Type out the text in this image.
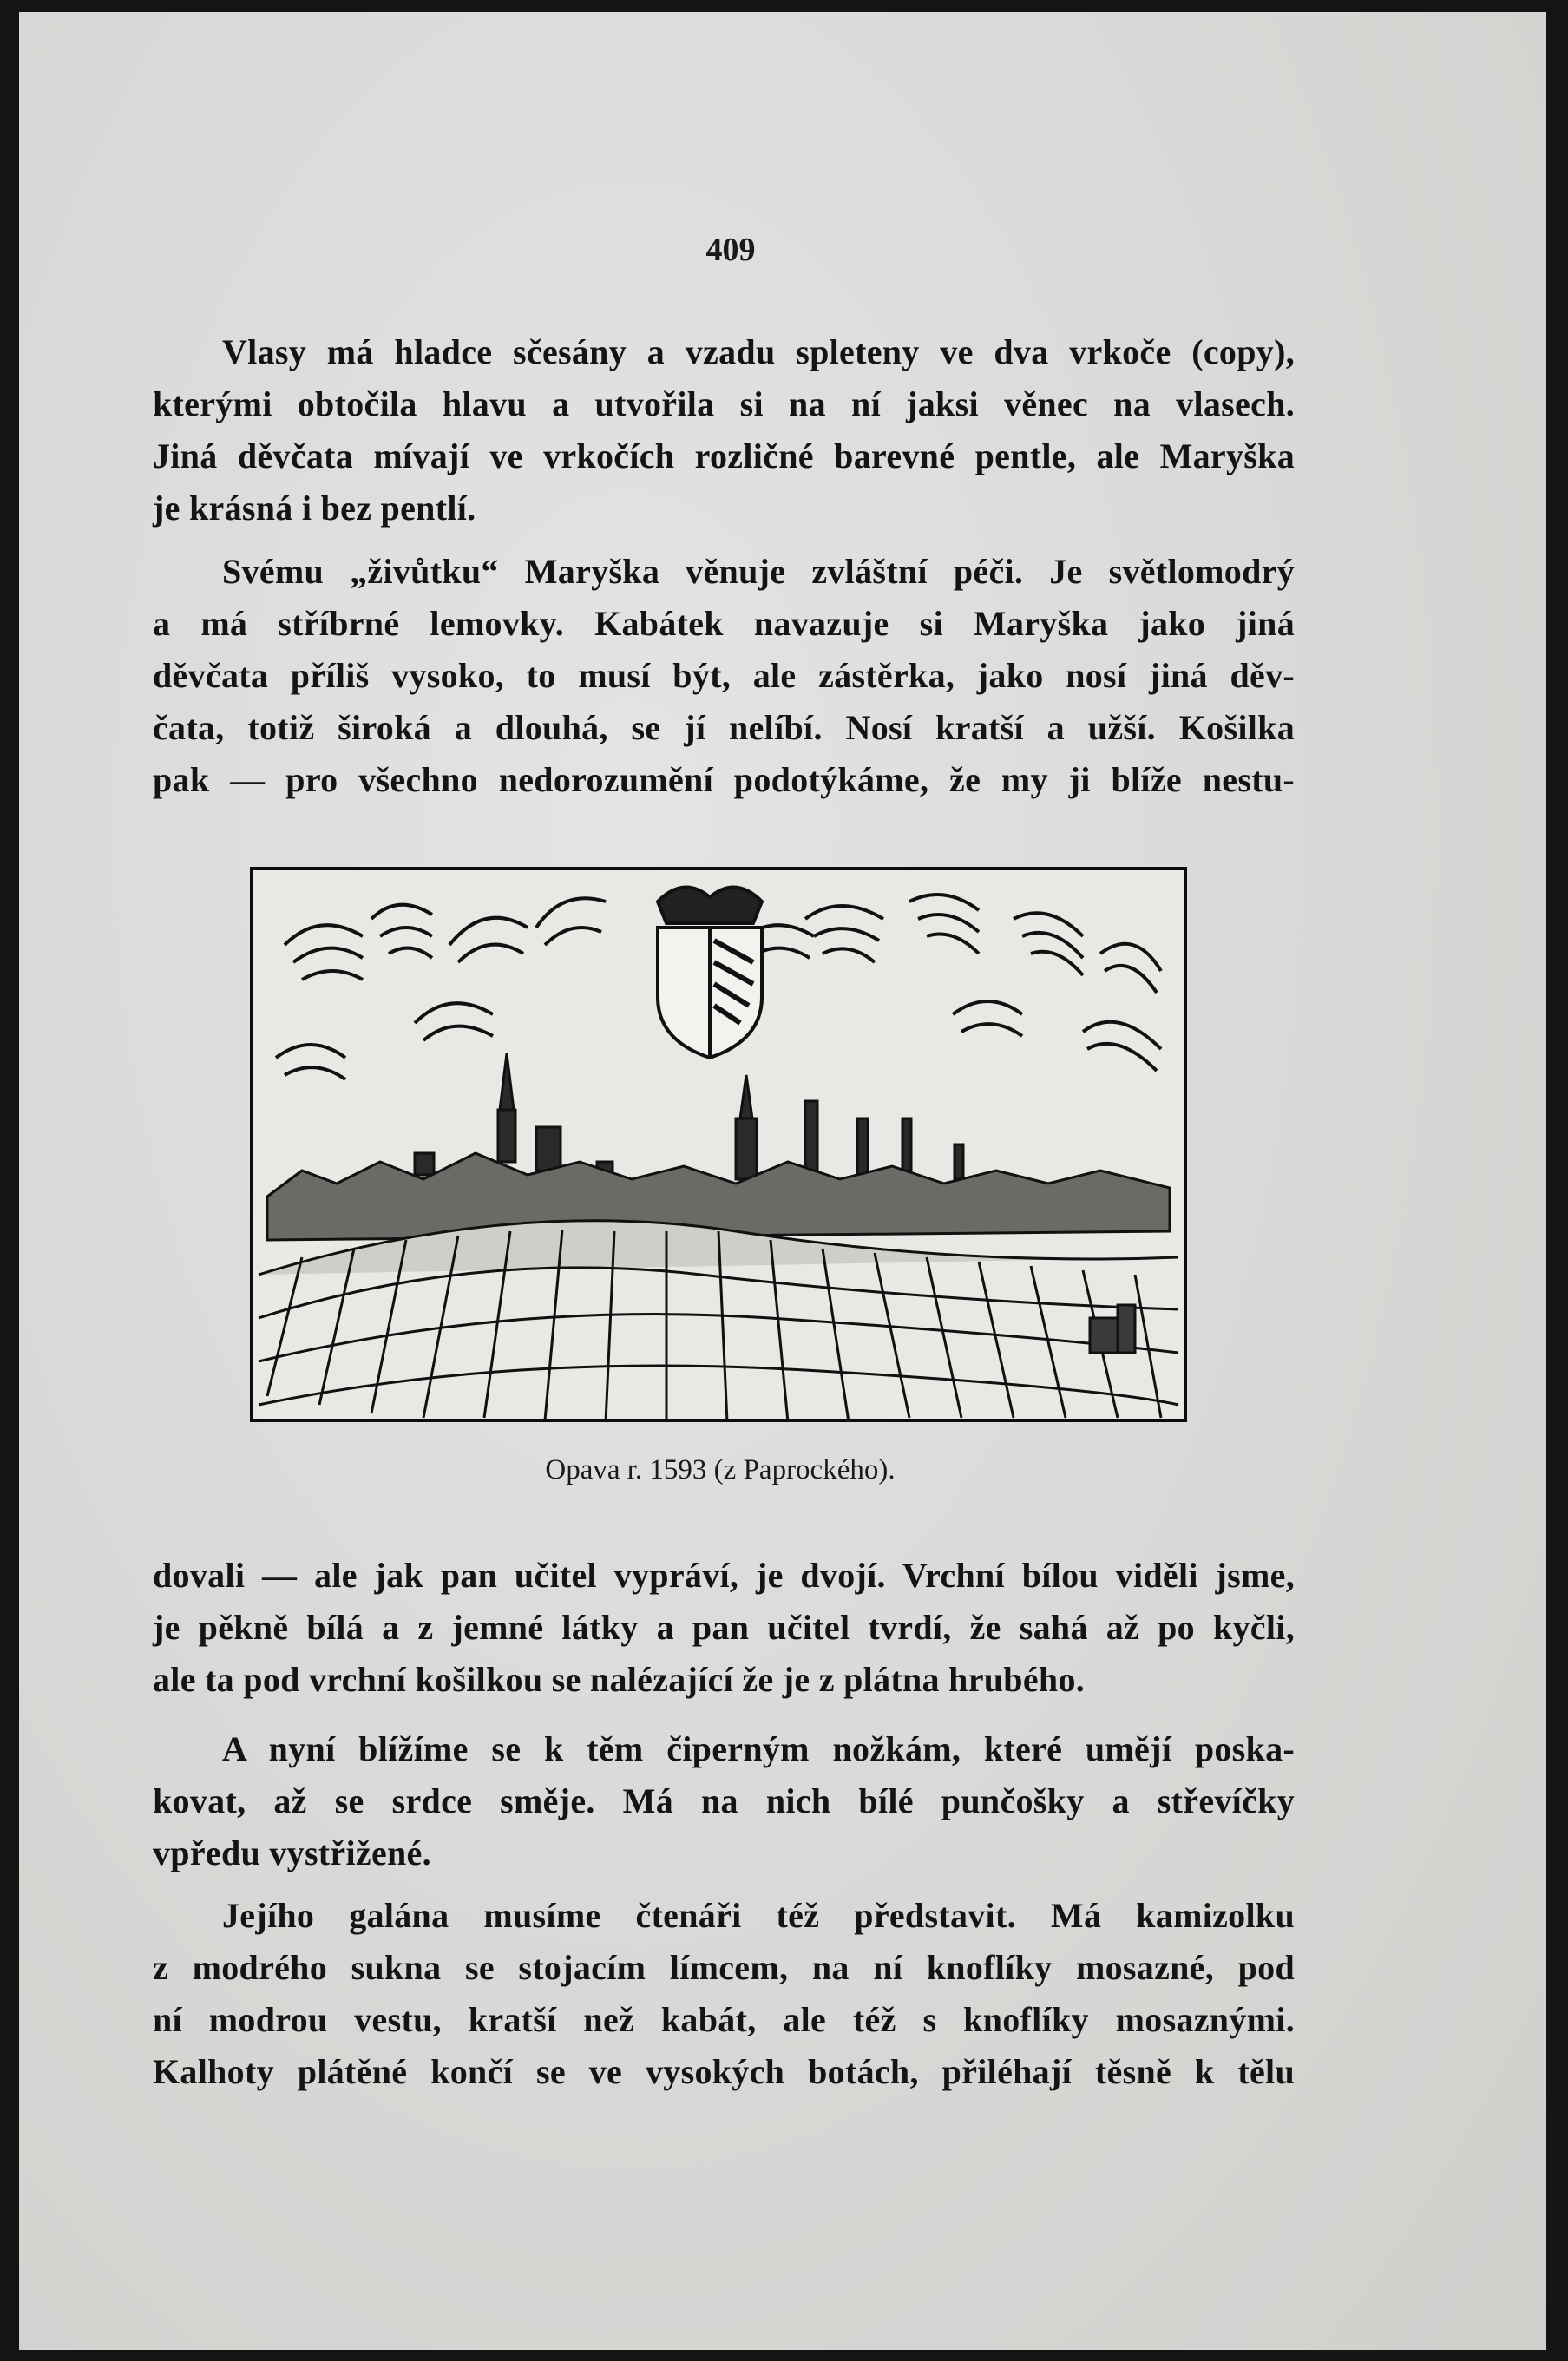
409

Vlasy má hladce sčesány a vzadu spleteny ve dva vrkoče (copy),
kterými obtočila hlavu a utvořila si na ní jaksi věnec na vlasech.
Jiná děvčata mívají ve vrkočích rozličné barevné pentle, ale Maryška
je krásná i bez pentlí.

Svému „živůtku“ Maryška věnuje zvláštní péči. Je světlomodrý
a má stříbrné lemovky. Kabátek navazuje si Maryška jako jiná
děvčata příliš vysoko, to musí být, ale zástěrka, jako nosí jiná děv-
čata, totiž široká a dlouhá, se jí nelíbí. Nosí kratší a užší. Košilka
pak — pro všechno nedorozumění podotýkáme, že my ji blíže nestu-

Opava r. 1593 (z Paprockého).

dovali — ale jak pan učitel vypráví, je dvojí. Vrchní bílou viděli jsme,
je pěkně bílá a z jemné látky a pan učitel tvrdí, že sahá až po kyčli,
ale ta pod vrchní košilkou se nalézající že je z plátna hrubého.

A nyní blížíme se k těm čiperným nožkám, které umějí poska-
kovat, až se srdce směje. Má na nich bílé punčošky a střevíčky
vpředu vystřižené.

Jejího galána musíme čtenáři též představit. Má kamizolku
z modrého sukna se stojacím límcem, na ní knoflíky mosazné, pod
ní modrou vestu, kratší než kabát, ale též s knoflíky mosaznými.
Kalhoty plátěné končí se ve vysokých botách, přiléhají těsně k tělu
